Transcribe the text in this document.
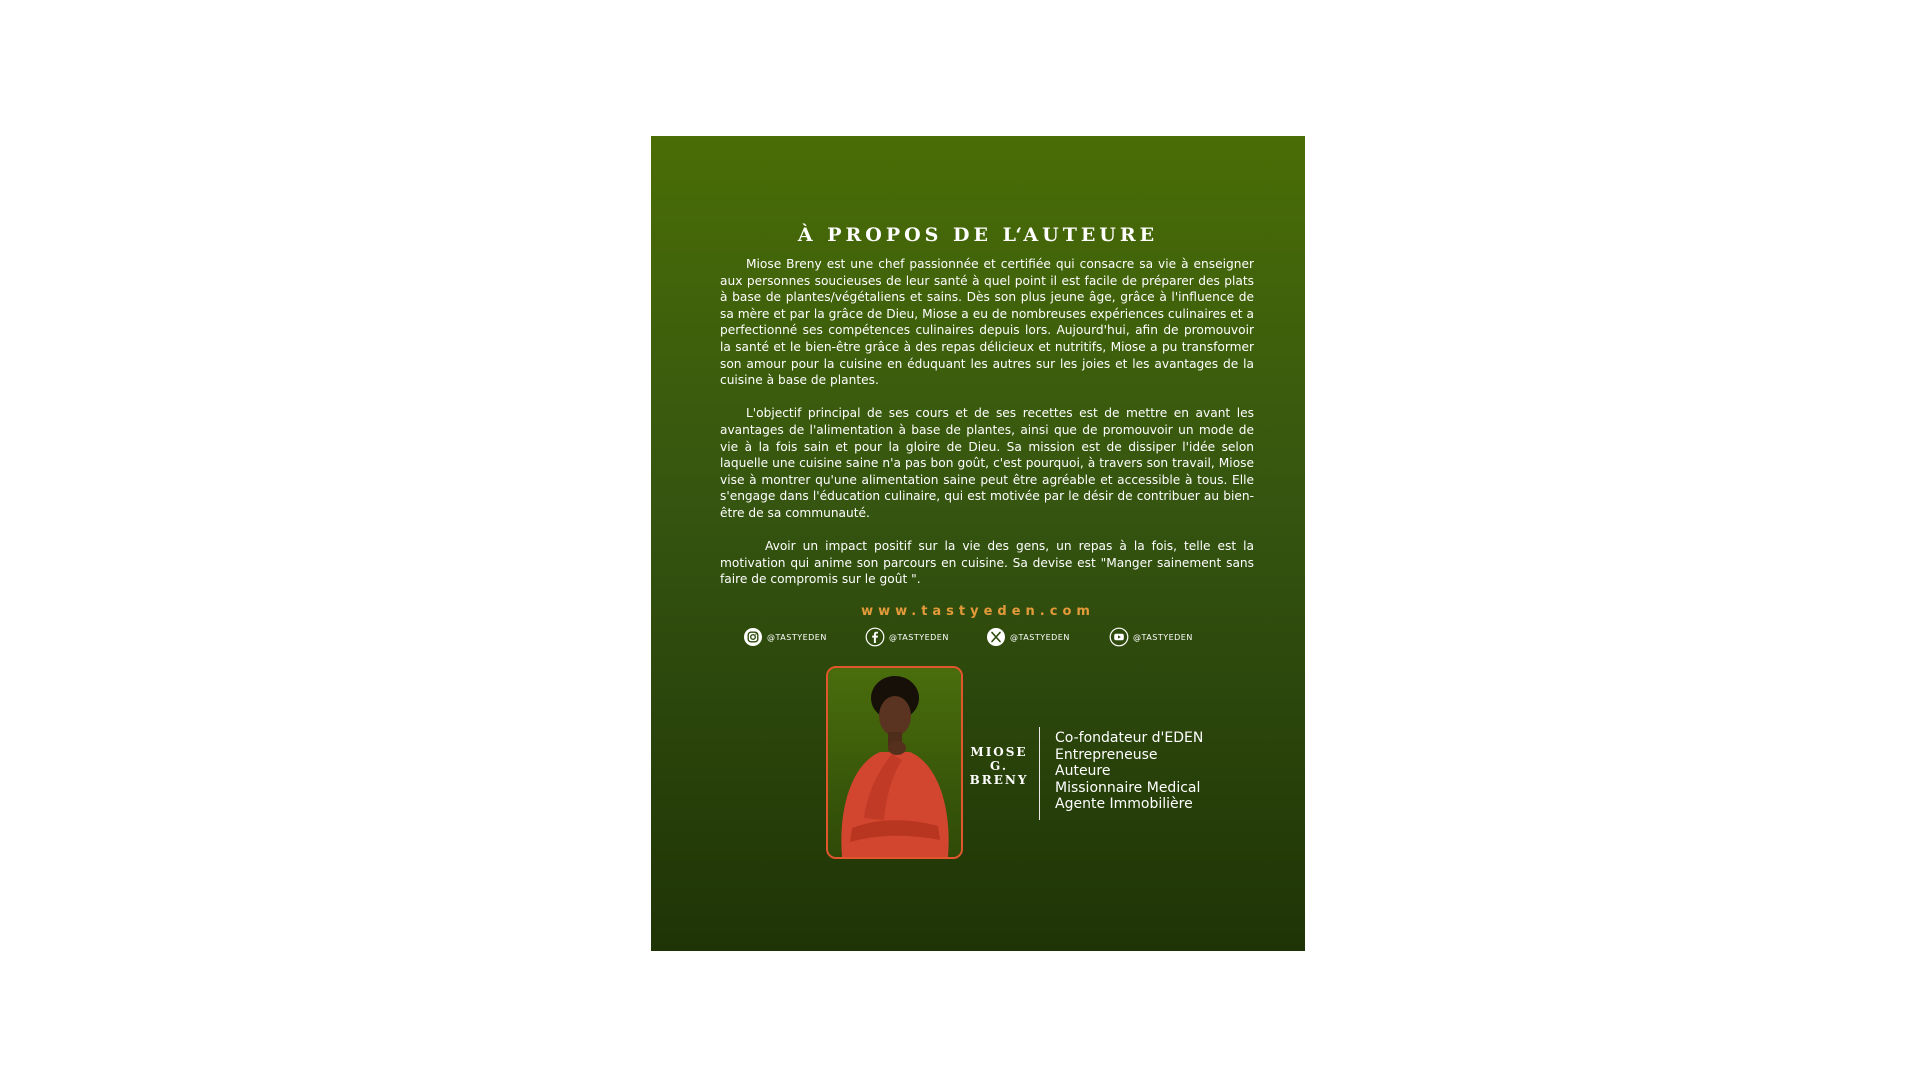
À PROPOS DE L‘AUTEURE

Miose Breny est une chef passionnée et certifiée qui consacre sa vie à enseigner aux personnes soucieuses de leur santé à quel point il est facile de préparer des plats à base de plantes/végétaliens et sains. Dès son plus jeune âge, grâce à l'influence de sa mère et par la grâce de Dieu, Miose a eu de nombreuses expériences culinaires et a perfectionné ses compétences culinaires depuis lors. Aujourd'hui, afin de promouvoir la santé et le bien-être grâce à des repas délicieux et nutritifs, Miose a pu transformer son amour pour la cuisine en éduquant les autres sur les joies et les avantages de la cuisine à base de plantes.

L'objectif principal de ses cours et de ses recettes est de mettre en avant les avantages de l'alimentation à base de plantes, ainsi que de promouvoir un mode de vie à la fois sain et pour la gloire de Dieu. Sa mission est de dissiper l'idée selon laquelle une cuisine saine n'a pas bon goût, c'est pourquoi, à travers son travail, Miose vise à montrer qu'une alimentation saine peut être agréable et accessible à tous. Elle s'engage dans l'éducation culinaire, qui est motivée par le désir de contribuer au bien-être de sa communauté.

Avoir un impact positif sur la vie des gens, un repas à la fois, telle est la motivation qui anime son parcours en cuisine. Sa devise est "Manger sainement sans faire de compromis sur le goût ".

www.tastyeden.com
@TASTYEDEN	@TASTYEDEN	@TASTYEDEN	@TASTYEDEN
MIOSE
G.
BRENY
Co-fondateur d'EDEN
Entrepreneuse
Auteure
Missionnaire Medical
Agente Immobilière
